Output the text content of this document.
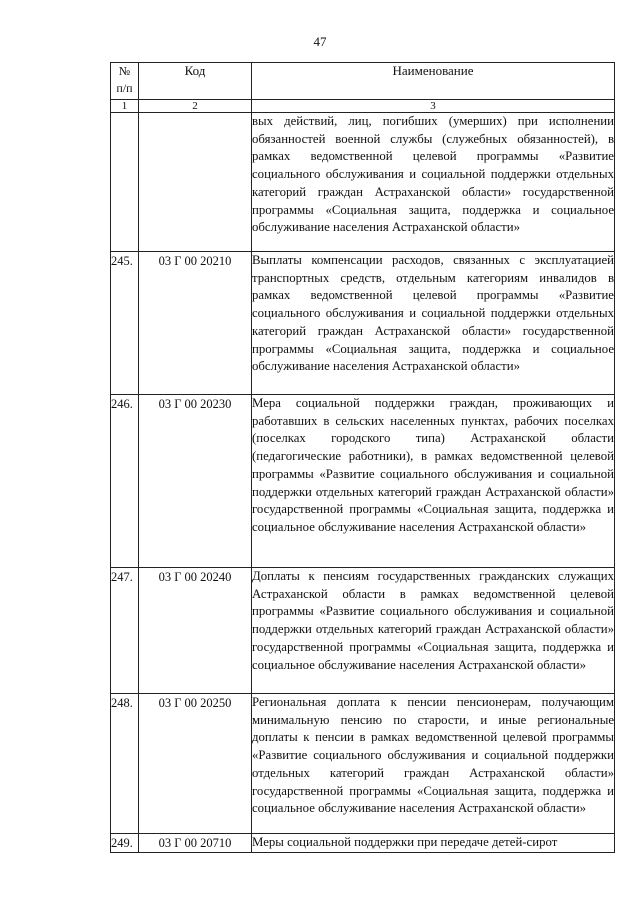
47
№
п/п	Код	Наименование
1	2	3
		вых действий, лиц, погибших (умерших) при исполнении обязанностей военной службы (служебных обязанностей), в рамках ведомственной целевой программы «Развитие социального обслуживания и социальной поддержки отдельных категорий граждан Астраханской области» государственной программы «Социальная защита, поддержка и социальное обслуживание населения Астраханской области»
245.	03 Г 00 20210	Выплаты компенсации расходов, связанных с эксплуатацией транспортных средств, отдельным категориям инвалидов в рамках ведомственной целевой программы «Развитие социального обслуживания и социальной поддержки отдельных категорий граждан Астраханской области» государственной программы «Социальная защита, поддержка и социальное обслуживание населения Астраханской области»
246.	03 Г 00 20230	Мера социальной поддержки граждан, проживающих и работавших в сельских населенных пунктах, рабочих поселках (поселках городского типа) Астраханской области (педагогические работники), в рамках ведомственной целевой программы «Развитие социального обслуживания и социальной поддержки отдельных категорий граждан Астраханской области» государственной программы «Социальная защита, поддержка и социальное обслуживание населения Астраханской области»
247.	03 Г 00 20240	Доплаты к пенсиям государственных гражданских служащих Астраханской области в рамках ведомственной целевой программы «Развитие социального обслуживания и социальной поддержки отдельных категорий граждан Астраханской области» государственной программы «Социальная защита, поддержка и социальное обслуживание населения Астраханской области»
248.	03 Г 00 20250	Региональная доплата к пенсии пенсионерам, получающим минимальную пенсию по старости, и иные региональные доплаты к пенсии в рамках ведомственной целевой программы «Развитие социального обслуживания и социальной поддержки отдельных категорий граждан Астраханской области» государственной программы «Социальная защита, поддержка и социальное обслуживание населения Астраханской области»
249.	03 Г 00 20710	Меры социальной поддержки при передаче детей-сирот
